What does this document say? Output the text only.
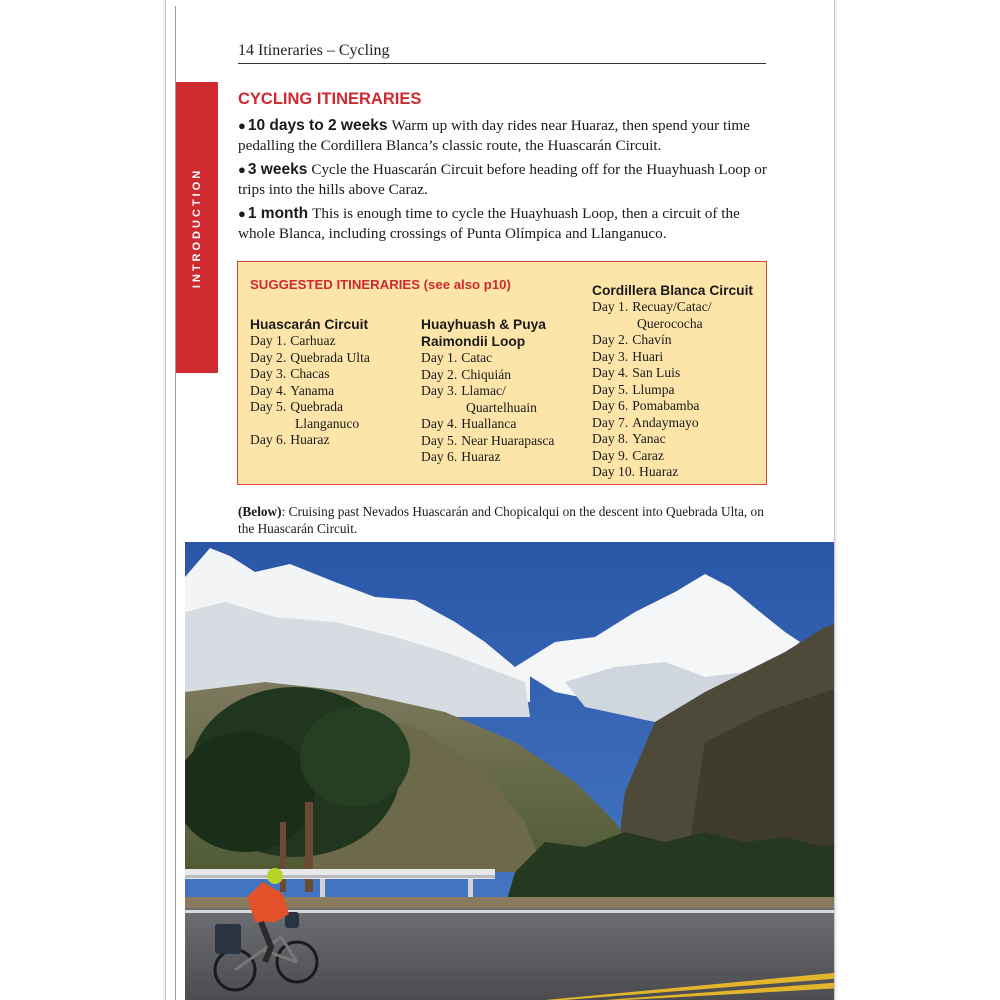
INTRODUCTION
14 Itineraries – Cycling
CYCLING ITINERARIES
● 10 days to 2 weeks Warm up with day rides near Huaraz, then spend your time pedalling the Cordillera Blanca’s classic route, the Huascarán Circuit.
● 3 weeks Cycle the Huascarán Circuit before heading off for the Huayhuash Loop or trips into the hills above Caraz.
● 1 month This is enough time to cycle the Huayhuash Loop, then a circuit of the whole Blanca, including crossings of Punta Olímpica and Llanganuco.
SUGGESTED ITINERARIES (see also p10)
Huascarán Circuit
Day 1. Carhuaz
Day 2. Quebrada Ulta
Day 3. Chacas
Day 4. Yanama
Day 5. Quebrada
Llanganuco
Day 6. Huaraz
Huayhuash & Puya
Raimondii Loop
Day 1. Catac
Day 2. Chiquián
Day 3. Llamac/
Quartelhuain
Day 4. Huallanca
Day 5. Near Huarapasca
Day 6. Huaraz
Cordillera Blanca Circuit
Day 1. Recuay/Catac/
Querococha
Day 2. Chavín
Day 3. Huari
Day 4. San Luis
Day 5. Llumpa
Day 6. Pomabamba
Day 7. Andaymayo
Day 8. Yanac
Day 9. Caraz
Day 10. Huaraz
(Below): Cruising past Nevados Huascarán and Chopicalqui on the descent into Quebrada Ulta, on the Huascarán Circuit.
